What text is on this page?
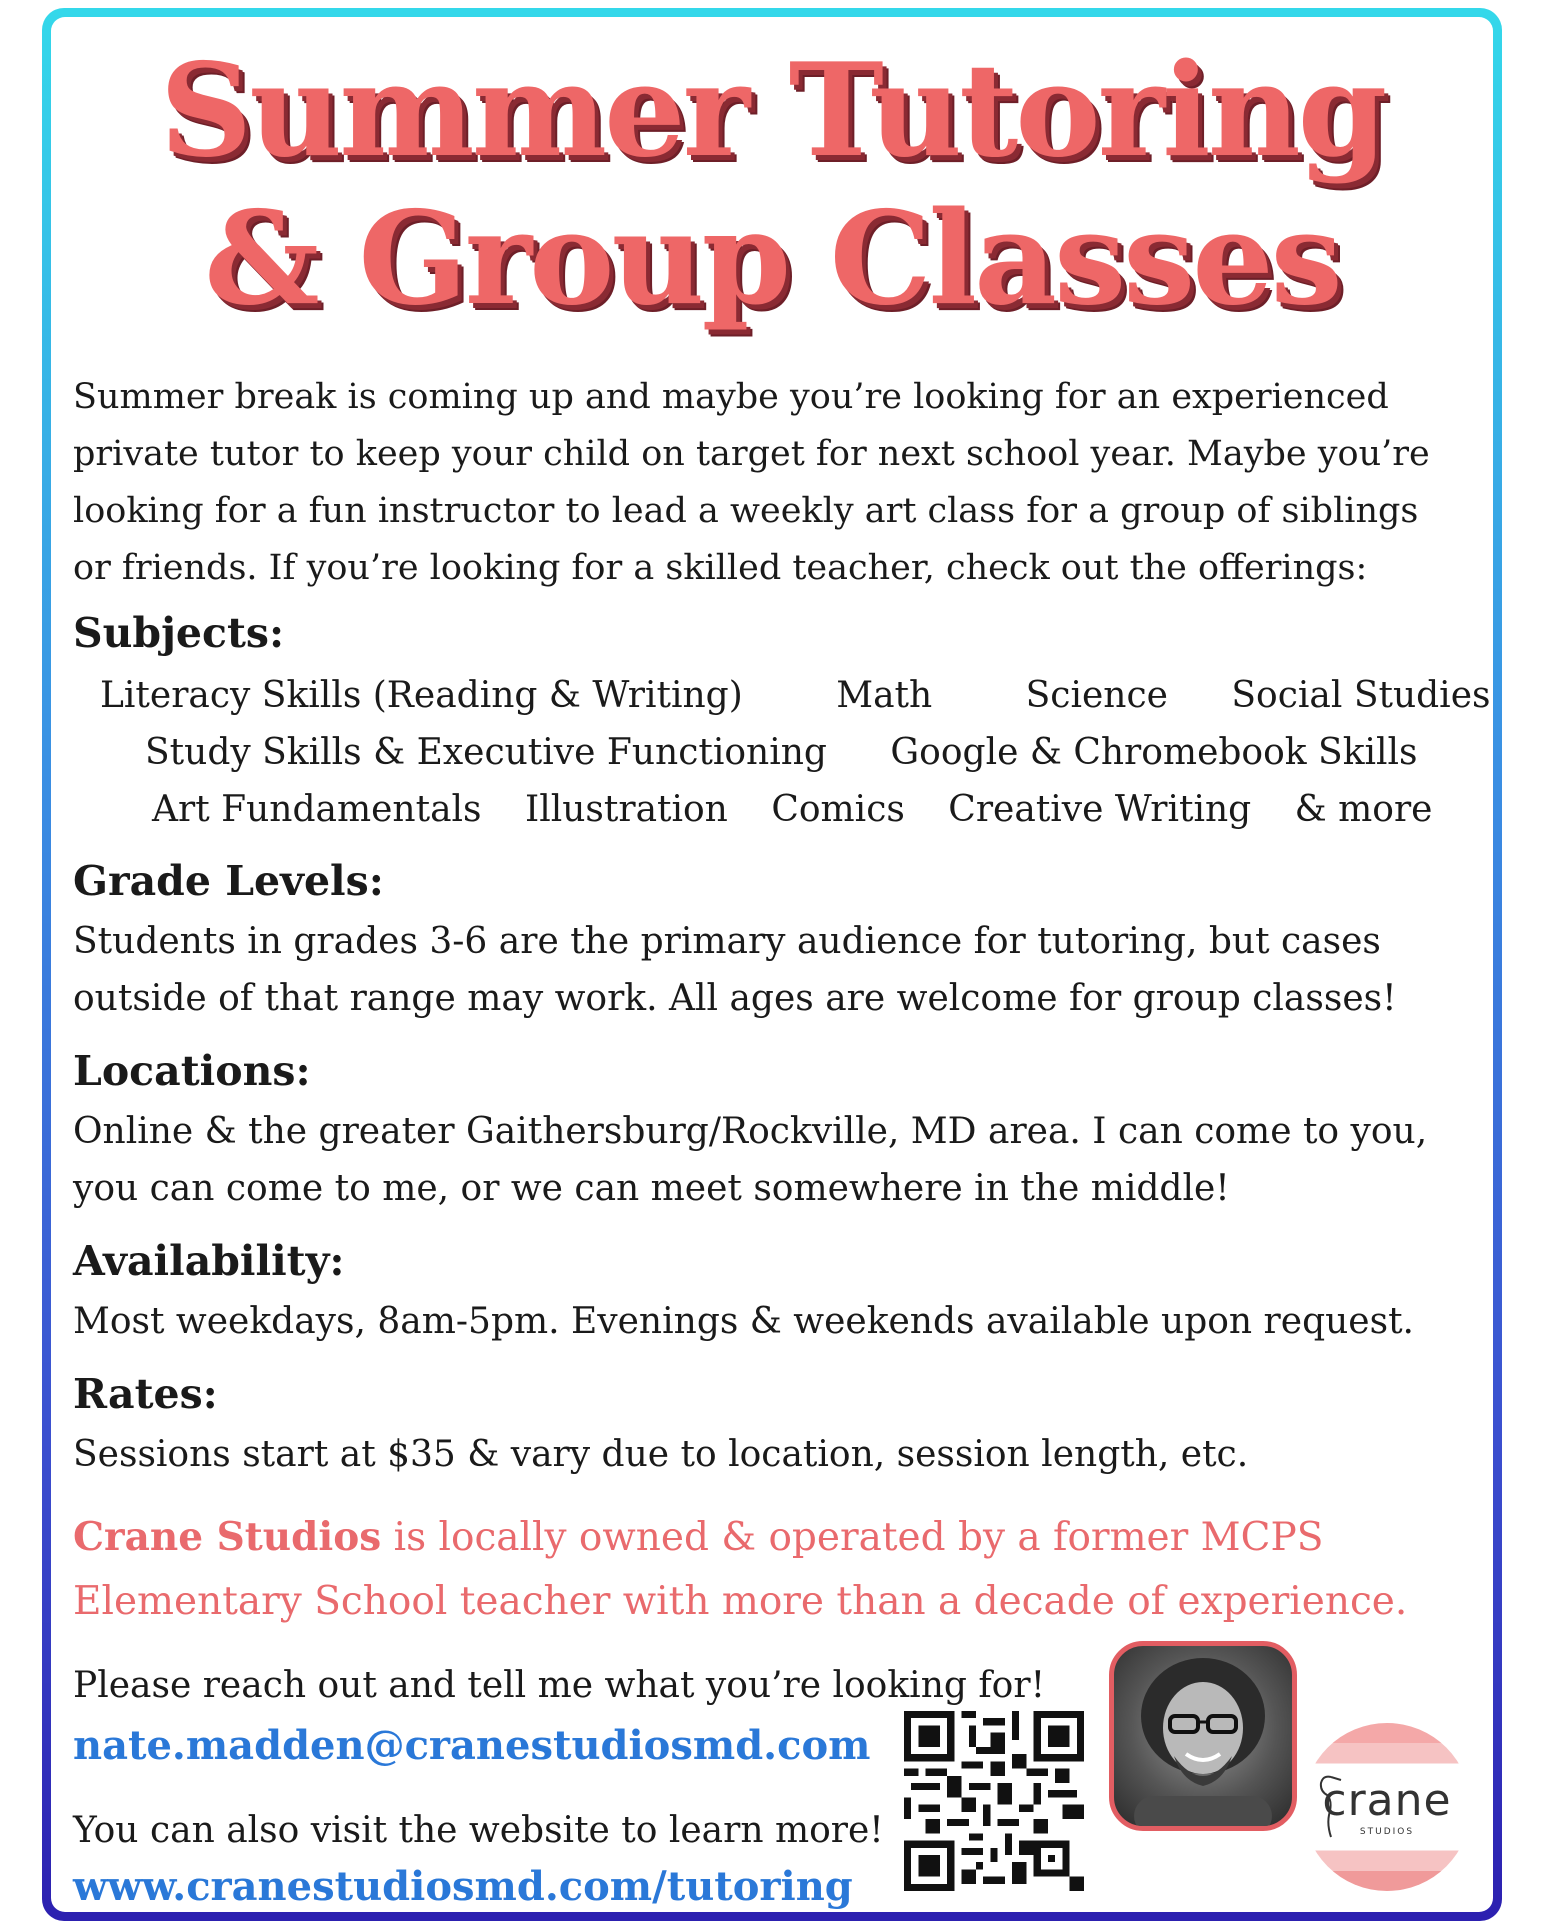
Summer Tutoring
& Group Classes
Summer break is coming up and maybe you’re looking for an experienced
private tutor to keep your child on target for next school year. Maybe you’re
looking for a fun instructor to lead a weekly art class for a group of siblings
or friends. If you’re looking for a skilled teacher, check out the offerings:
Subjects:
Literacy Skills (Reading & Writing)	Math	Science Social Studies
Study Skills & Executive Functioning Google & Chromebook Skills
Art Fundamentals Illustration Comics Creative Writing & more
Grade Levels:
Students in grades 3-6 are the primary audience for tutoring, but cases
outside of that range may work. All ages are welcome for group classes!
Locations:
Online & the greater Gaithersburg/Rockville, MD area. I can come to you,
you can come to me, or we can meet somewhere in the middle!
Availability:
Most weekdays, 8am-5pm. Evenings & weekends available upon request.
Rates:
Sessions start at $35 & vary due to location, session length, etc.
Crane Studios is locally owned & operated by a former MCPS
Elementary School teacher with more than a decade of experience.
Please reach out and tell me what you’re looking for!
nate.madden@cranestudiosmd.com
You can also visit the website to learn more!
www.cranestudiosmd.com/tutoring
crane
STUDIOS
